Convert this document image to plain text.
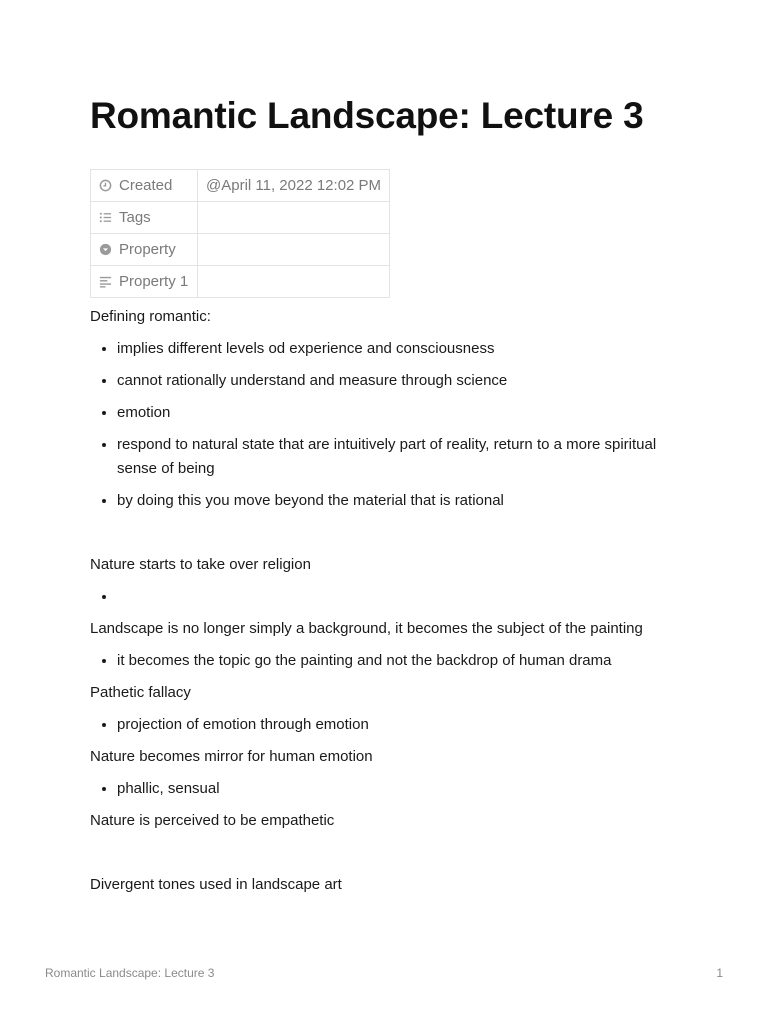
Romantic Landscape: Lecture 3
Created	@April 11, 2022 12:02 PM

Tags	

Property	

Property 1	

Defining romantic:

• implies different levels od experience and consciousness
• cannot rationally understand and measure through science
• emotion
• respond to natural state that are intuitively part of reality, return to a more spiritual sense of being
• by doing this you move beyond the material that is rational

Nature starts to take over religion

•

Landscape is no longer simply a background, it becomes the subject of the painting

• it becomes the topic go the painting and not the backdrop of human drama

Pathetic fallacy

• projection of emotion through emotion

Nature becomes mirror for human emotion

• phallic, sensual

Nature is perceived to be empathetic

Divergent tones used in landscape art

Romantic Landscape: Lecture 3	1
